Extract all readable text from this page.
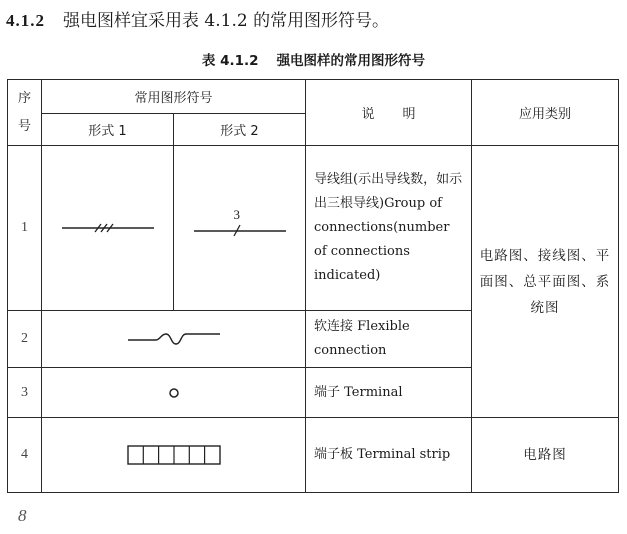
4.1.2 强电图样宜采用表 4.1.2 的常用图形符号。
表 4.1.2 强电图样的常用图形符号
序
号	常用图形符号		说明	应用类别
	形式 1	形式 2		
1		3	导线组(示出导线数，如示出三根导线)Group of connections(number of connections indicated)	电路图、接线图、平面图、总平面图、系统图
2			软连接 Flexible connection	
3			端子 Terminal	
4			端子板 Terminal strip	电路图
8
